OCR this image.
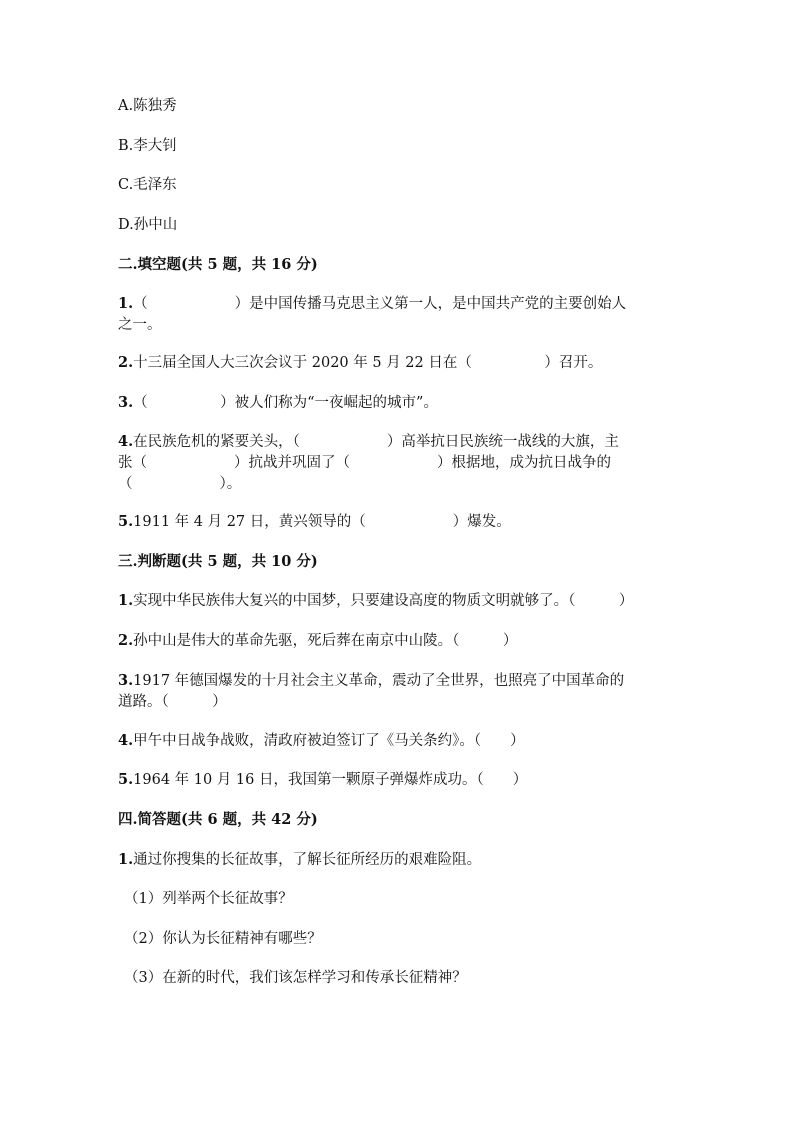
A.陈独秀
B.李大钊
C.毛泽东
D.孙中山
二.填空题(共 5 题，共 16 分)
1.（　　　　　　）是中国传播马克思主义第一人，是中国共产党的主要创始人
之一。
2.十三届全国人大三次会议于 2020 年 5 月 22 日在（　　　　　）召开。
3.（　　　　　）被人们称为“一夜崛起的城市”。
4.在民族危机的紧要关头，（　　　　　　）高举抗日民族统一战线的大旗，主
张（　　　　　　）抗战并巩固了（　　　　　　）根据地，成为抗日战争的
（　　　　　　）。
5.1911 年 4 月 27 日，黄兴领导的（　　　　　　）爆发。
三.判断题(共 5 题，共 10 分)
1.实现中华民族伟大复兴的中国梦，只要建设高度的物质文明就够了。（　　　）
2.孙中山是伟大的革命先驱，死后葬在南京中山陵。（　　　）
3.1917 年德国爆发的十月社会主义革命，震动了全世界，也照亮了中国革命的
道路。（　　　）
4.甲午中日战争战败，清政府被迫签订了《马关条约》。（　　）
5.1964 年 10 月 16 日，我国第一颗原子弹爆炸成功。（　　）
四.简答题(共 6 题，共 42 分)
1.通过你搜集的长征故事，了解长征所经历的艰难险阻。
（1）列举两个长征故事？
（2）你认为长征精神有哪些？
（3）在新的时代，我们该怎样学习和传承长征精神？
